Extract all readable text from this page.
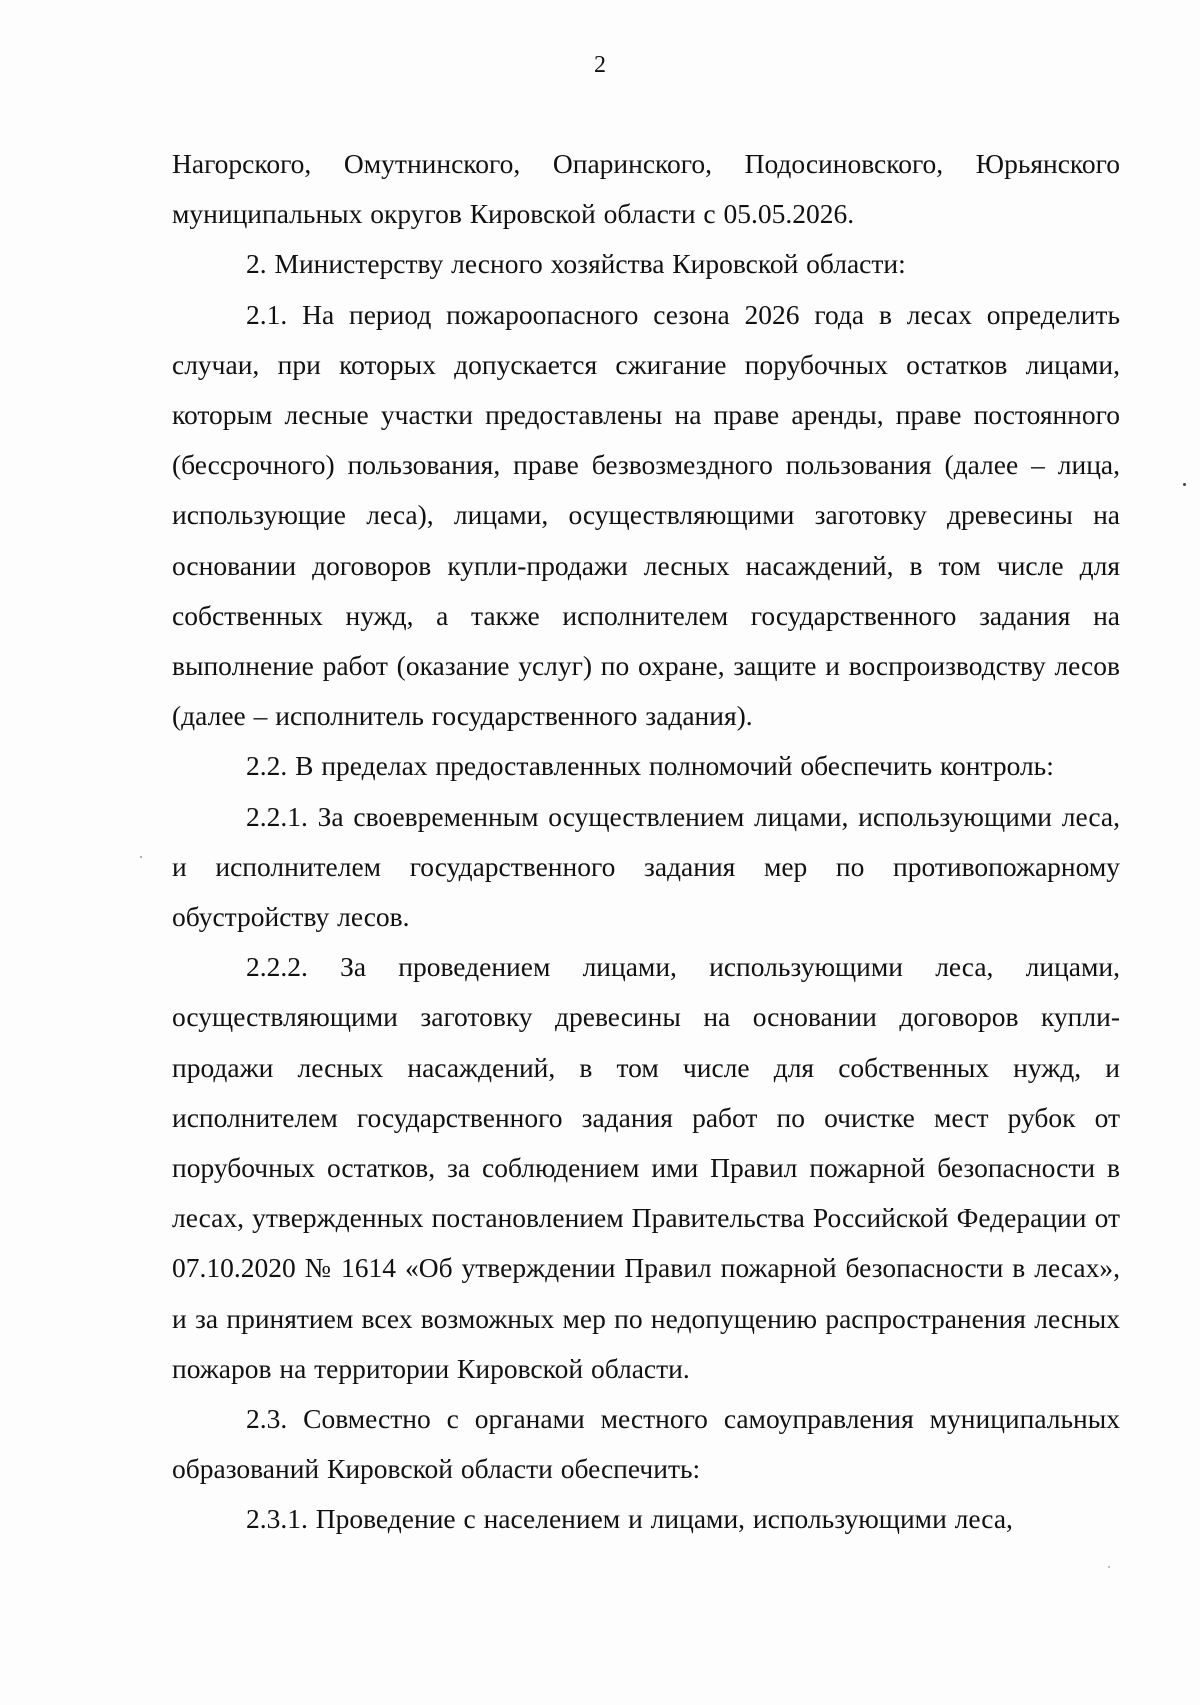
2

Нагорского, Омутнинского, Опаринского, Подосиновского, Юрьянского муниципальных округов Кировской области с 05.05.2026.

2. Министерству лесного хозяйства Кировской области:

2.1. На период пожароопасного сезона 2026 года в лесах определить случаи, при которых допускается сжигание порубочных остатков лицами, которым лесные участки предоставлены на праве аренды, праве постоянного (бессрочного) пользования, праве безвозмездного пользования (далее – лица, использующие леса), лицами, осуществляющими заготовку древесины на основании договоров купли-продажи лесных насаждений, в том числе для собственных нужд, а также исполнителем государственного задания на выполнение работ (оказание услуг) по охране, защите и воспроизводству лесов (далее – исполнитель государственного задания).

2.2. В пределах предоставленных полномочий обеспечить контроль:

2.2.1. За своевременным осуществлением лицами, использующими леса, и исполнителем государственного задания мер по противопожарному обустройству лесов.

2.2.2. За проведением лицами, использующими леса, лицами, осуществляющими заготовку древесины на основании договоров купли-продажи лесных насаждений, в том числе для собственных нужд, и исполнителем государственного задания работ по очистке мест рубок от порубочных остатков, за соблюдением ими Правил пожарной безопасности в лесах, утвержденных постановлением Правительства Российской Федерации от 07.10.2020 № 1614 «Об утверждении Правил пожарной безопасности в лесах», и за принятием всех возможных мер по недопущению распространения лесных пожаров на территории Кировской области.

2.3. Совместно с органами местного самоуправления муниципальных образований Кировской области обеспечить:

2.3.1. Проведение с населением и лицами, использующими леса,
